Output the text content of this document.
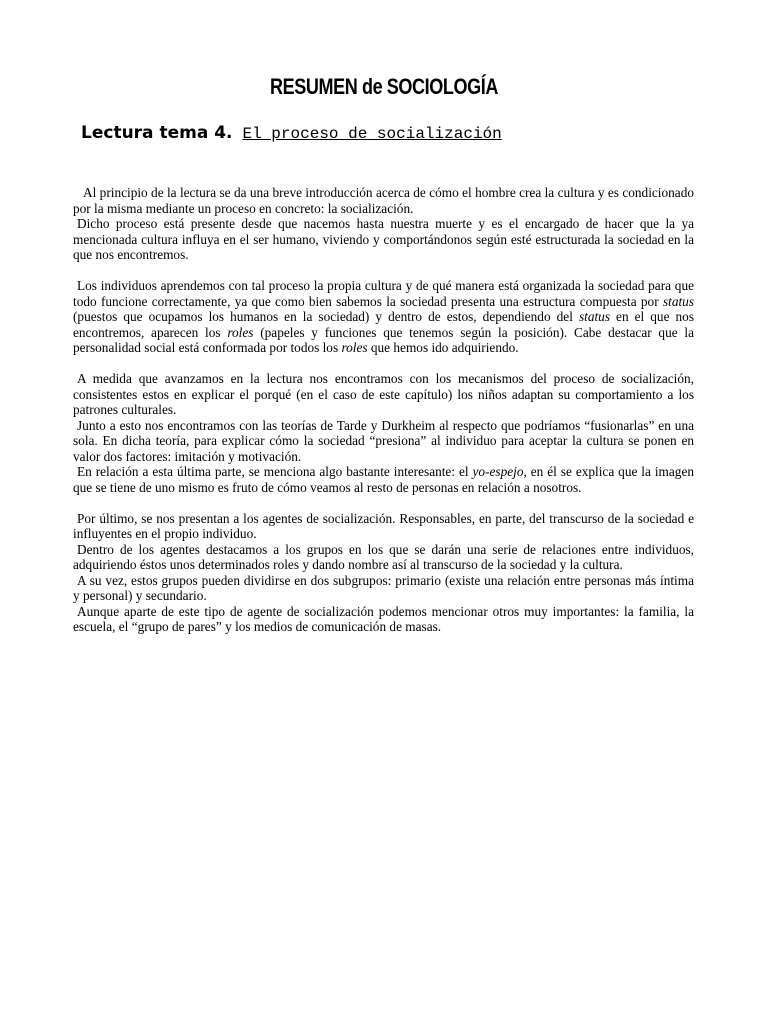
RESUMEN de SOCIOLOGÍA
Lectura tema 4. El proceso de socialización

Al principio de la lectura se da una breve introducción acerca de cómo el hombre crea la cultura y es condicionado por la misma mediante un proceso en concreto: la socialización.

Dicho proceso está presente desde que nacemos hasta nuestra muerte y es el encargado de hacer que la ya mencionada cultura influya en el ser humano, viviendo y comportándonos según esté estructurada la sociedad en la que nos encontremos.

Los individuos aprendemos con tal proceso la propia cultura y de qué manera está organizada la sociedad para que todo funcione correctamente, ya que como bien sabemos la sociedad presenta una estructura compuesta por status (puestos que ocupamos los humanos en la sociedad) y dentro de estos, dependiendo del status en el que nos encontremos, aparecen los roles (papeles y funciones que tenemos según la posición). Cabe destacar que la personalidad social está conformada por todos los roles que hemos ido adquiriendo.

A medida que avanzamos en la lectura nos encontramos con los mecanismos del proceso de socialización, consistentes estos en explicar el porqué (en el caso de este capítulo) los niños adaptan su comportamiento a los patrones culturales.

Junto a esto nos encontramos con las teorías de Tarde y Durkheim al respecto que podríamos “fusionarlas” en una sola. En dicha teoría, para explicar cómo la sociedad “presiona” al individuo para aceptar la cultura se ponen en valor dos factores: imitación y motivación.

En relación a esta última parte, se menciona algo bastante interesante: el yo-espejo, en él se explica que la imagen que se tiene de uno mismo es fruto de cómo veamos al resto de personas en relación a nosotros.

Por último, se nos presentan a los agentes de socialización. Responsables, en parte, del transcurso de la sociedad e influyentes en el propio individuo.

Dentro de los agentes destacamos a los grupos en los que se darán una serie de relaciones entre individuos, adquiriendo éstos unos determinados roles y dando nombre así al transcurso de la sociedad y la cultura.

A su vez, estos grupos pueden dividirse en dos subgrupos: primario (existe una relación entre personas más íntima y personal) y secundario.

Aunque aparte de este tipo de agente de socialización podemos mencionar otros muy importantes: la familia, la escuela, el “grupo de pares” y los medios de comunicación de masas.
